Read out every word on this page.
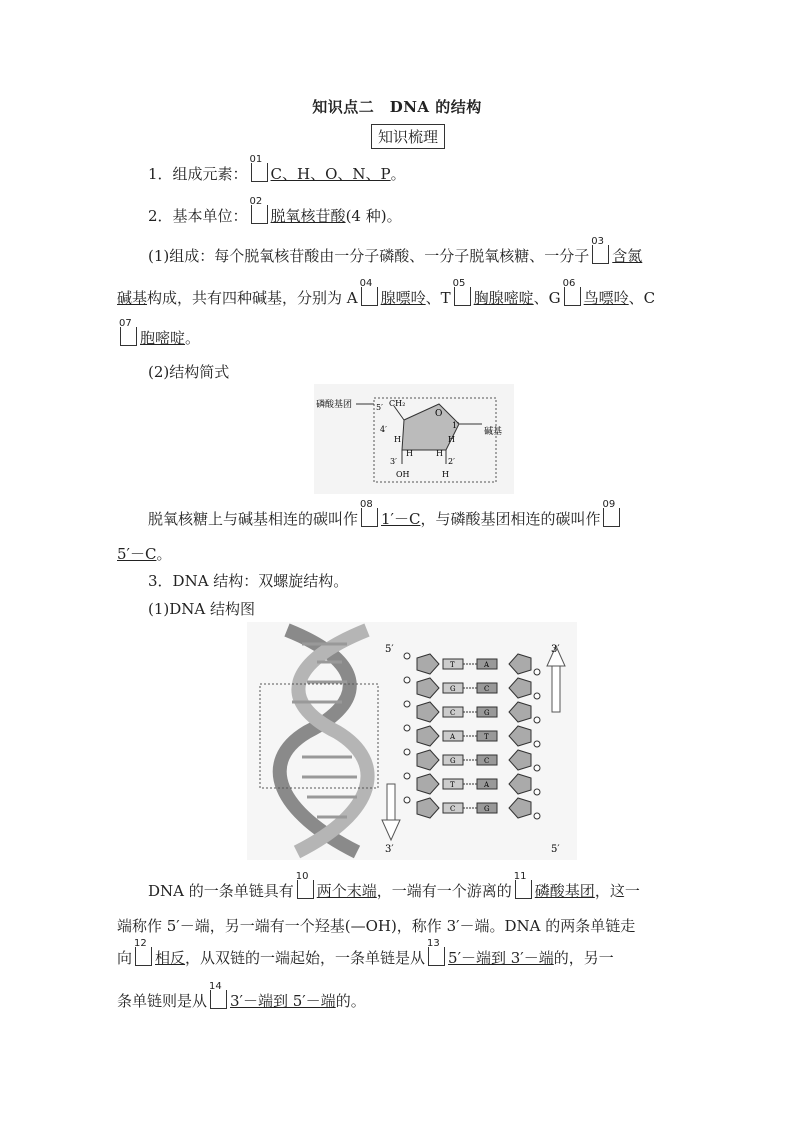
知识点二　DNA 的结构
知识梳理
1．组成元素：
01
C、H、O、N、P。
2．基本单位：
02
脱氧核苷酸(4 种)。
(1)组成：每个脱氧核苷酸由一分子磷酸、一分子脱氧核糖、一分子
03
含氮
碱基构成，共有四种碱基，分别为 A
04
腺嘌呤、T
05
胸腺嘧啶、G
06
鸟嘌呤、C
07
胞嘧啶。
(2)结构简式
磷酸基团	5′ CH₂
O
4′	1′
碱基
H
H	H
H
3′	2′
OH	H
脱氧核糖上与碱基相连的碳叫作
08
1′－C，与磷酸基团相连的碳叫作
09
5′－C。
3．DNA 结构：双螺旋结构。
(1)DNA 结构图
5′	3′
3′	5′
T	A
G	C
C	G
A	T
G	C
T	A
C	G
DNA 的一条单链具有
10
两个末端，一端有一个游离的
11
磷酸基团，这一
端称作 5′－端，另一端有一个羟基(—OH)，称作 3′－端。DNA 的两条单链走
向
12
相反，从双链的一端起始，一条单链是从
13
5′－端到 3′－端的，另一
条单链则是从
14
3′－端到 5′－端的。
